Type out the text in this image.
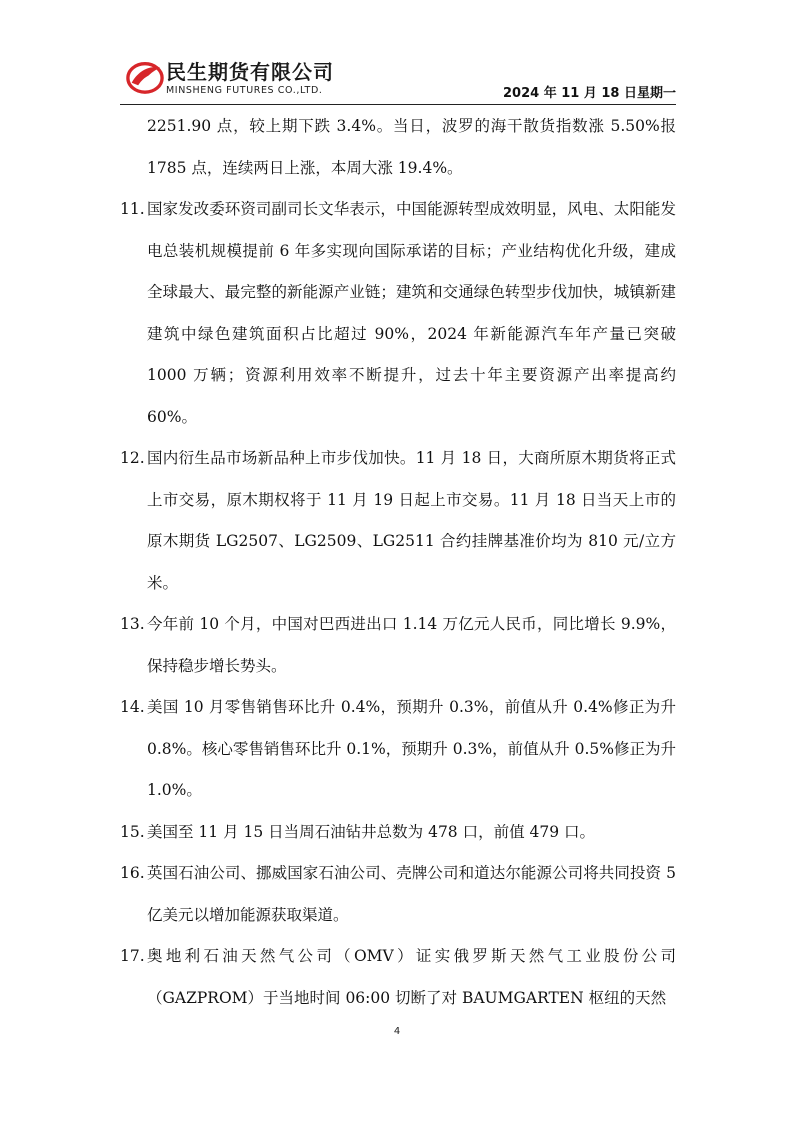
民生期货有限公司
MINSHENG FUTURES CO.,LTD.	2024 年 11 月 18 日星期一

2251.90 点，较上期下跌 3.4%。当日，波罗的海干散货指数涨 5.50%报 1785 点，连续两日上涨，本周大涨 19.4%。

11. 国家发改委环资司副司长文华表示，中国能源转型成效明显，风电、太阳能发电总装机规模提前 6 年多实现向国际承诺的目标；产业结构优化升级，建成全球最大、最完整的新能源产业链；建筑和交通绿色转型步伐加快，城镇新建建筑中绿色建筑面积占比超过 90%，2024 年新能源汽车年产量已突破 1000 万辆；资源利用效率不断提升，过去十年主要资源产出率提高约 60%。
12. 国内衍生品市场新品种上市步伐加快。11 月 18 日，大商所原木期货将正式上市交易，原木期权将于 11 月 19 日起上市交易。11 月 18 日当天上市的原木期货 LG2507、LG2509、LG2511 合约挂牌基准价均为 810 元/立方米。
13. 今年前 10 个月，中国对巴西进出口 1.14 万亿元人民币，同比增长 9.9%，保持稳步增长势头。
14. 美国 10 月零售销售环比升 0.4%，预期升 0.3%，前值从升 0.4%修正为升 0.8%。核心零售销售环比升 0.1%，预期升 0.3%，前值从升 0.5%修正为升 1.0%。
15. 美国至 11 月 15 日当周石油钻井总数为 478 口，前值 479 口。
16. 英国石油公司、挪威国家石油公司、壳牌公司和道达尔能源公司将共同投资 5 亿美元以增加能源获取渠道。
17. 奥地利石油天然气公司（OMV）证实俄罗斯天然气工业股份公司（GAZPROM）于当地时间 06:00 切断了对 BAUMGARTEN 枢纽的天然
4
